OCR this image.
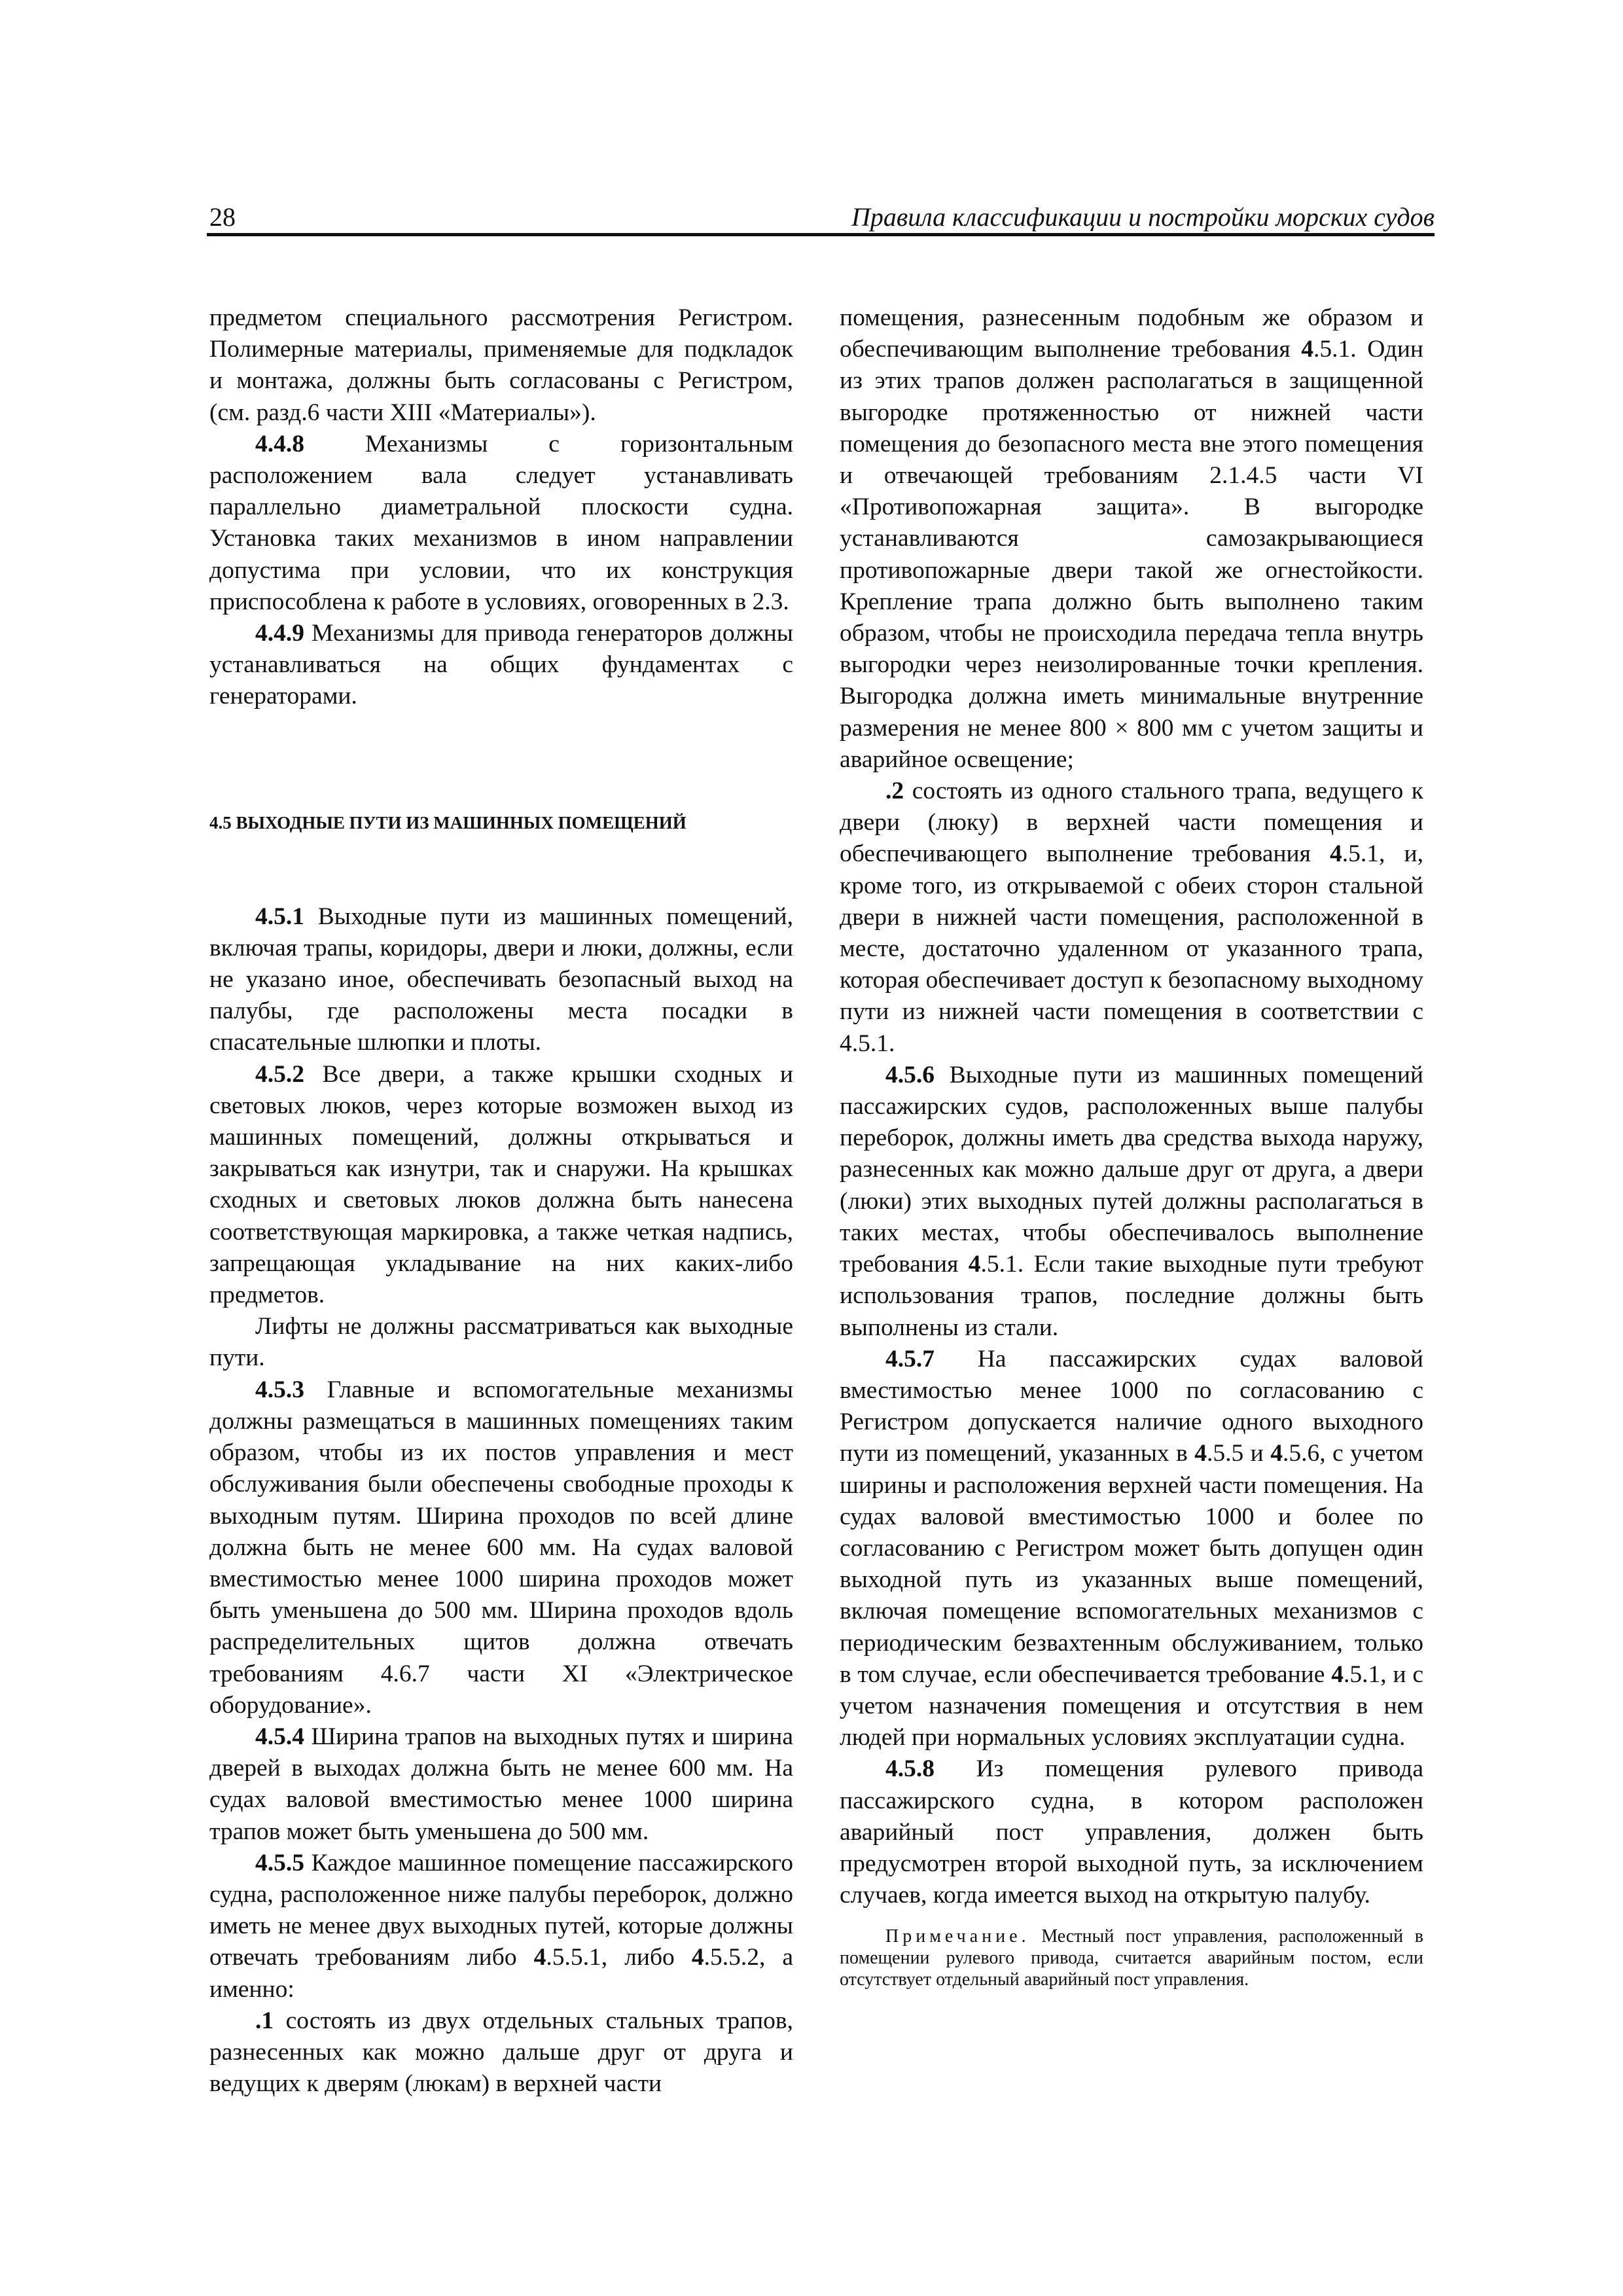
28	Правила классификации и постройки морских судов

предметом специального рассмотрения Регистром. Полимерные материалы, применяемые для подкладок и монтажа, должны быть согласованы с Регистром, (см. разд.6 части XIII «Материалы»).

4.4.8 Механизмы с горизонтальным расположением вала следует устанавливать параллельно диаметральной плоскости судна. Установка таких механизмов в ином направлении допустима при условии, что их конструкция приспособлена к работе в условиях, оговоренных в 2.3.

4.4.9 Механизмы для привода генераторов должны устанавливаться на общих фундаментах с генераторами.

4.5 ВЫХОДНЫЕ ПУТИ ИЗ МАШИННЫХ ПОМЕЩЕНИЙ

4.5.1 Выходные пути из машинных помещений, включая трапы, коридоры, двери и люки, должны, если не указано иное, обеспечивать безопасный выход на палубы, где расположены места посадки в спасательные шлюпки и плоты.

4.5.2 Все двери, а также крышки сходных и световых люков, через которые возможен выход из машинных помещений, должны открываться и закрываться как изнутри, так и снаружи. На крышках сходных и световых люков должна быть нанесена соответствующая маркировка, а также четкая надпись, запрещающая укладывание на них каких-либо предметов.

Лифты не должны рассматриваться как выходные пути.

4.5.3 Главные и вспомогательные механизмы должны размещаться в машинных помещениях таким образом, чтобы из их постов управления и мест обслуживания были обеспечены свободные проходы к выходным путям. Ширина проходов по всей длине должна быть не менее 600 мм. На судах валовой вместимостью менее 1000 ширина проходов может быть уменьшена до 500 мм. Ширина проходов вдоль распределительных щитов должна отвечать требованиям 4.6.7 части XI «Электрическое оборудование».

4.5.4 Ширина трапов на выходных путях и ширина дверей в выходах должна быть не менее 600 мм. На судах валовой вместимостью менее 1000 ширина трапов может быть уменьшена до 500 мм.

4.5.5 Каждое машинное помещение пассажирского судна, расположенное ниже палубы переборок, должно иметь не менее двух выходных путей, которые должны отвечать требованиям либо 4.5.5.1, либо 4.5.5.2, а именно:

.1 состоять из двух отдельных стальных трапов, разнесенных как можно дальше друг от друга и ведущих к дверям (люкам) в верхней части

помещения, разнесенным подобным же образом и обеспечивающим выполнение требования 4.5.1. Один из этих трапов должен располагаться в защищенной выгородке протяженностью от нижней части помещения до безопасного места вне этого помещения и отвечающей требованиям 2.1.4.5 части VI «Противопожарная защита». В выгородке устанавливаются самозакрывающиеся противопожарные двери такой же огнестойкости. Крепление трапа должно быть выполнено таким образом, чтобы не происходила передача тепла внутрь выгородки через неизолированные точки крепления. Выгородка должна иметь минимальные внутренние размерения не менее 800 × 800 мм с учетом защиты и аварийное освещение;

.2 состоять из одного стального трапа, ведущего к двери (люку) в верхней части помещения и обеспечивающего выполнение требования 4.5.1, и, кроме того, из открываемой с обеих сторон стальной двери в нижней части помещения, расположенной в месте, достаточно удаленном от указанного трапа, которая обеспечивает доступ к безопасному выходному пути из нижней части помещения в соответствии с 4.5.1.

4.5.6 Выходные пути из машинных помещений пассажирских судов, расположенных выше палубы переборок, должны иметь два средства выхода наружу, разнесенных как можно дальше друг от друга, а двери (люки) этих выходных путей должны располагаться в таких местах, чтобы обеспечивалось выполнение требования 4.5.1. Если такие выходные пути требуют использования трапов, последние должны быть выполнены из стали.

4.5.7 На пассажирских судах валовой вместимостью менее 1000 по согласованию с Регистром допускается наличие одного выходного пути из помещений, указанных в 4.5.5 и 4.5.6, с учетом ширины и расположения верхней части помещения. На судах валовой вместимостью 1000 и более по согласованию с Регистром может быть допущен один выходной путь из указанных выше помещений, включая помещение вспомогательных механизмов с периодическим безвахтенным обслуживанием, только в том случае, если обеспечивается требование 4.5.1, и с учетом назначения помещения и отсутствия в нем людей при нормальных условиях эксплуатации судна.

4.5.8 Из помещения рулевого привода пассажирского судна, в котором расположен аварийный пост управления, должен быть предусмотрен второй выходной путь, за исключением случаев, когда имеется выход на открытую палубу.

Примечание. Местный пост управления, расположенный в помещении рулевого привода, считается аварийным постом, если отсутствует отдельный аварийный пост управления.
